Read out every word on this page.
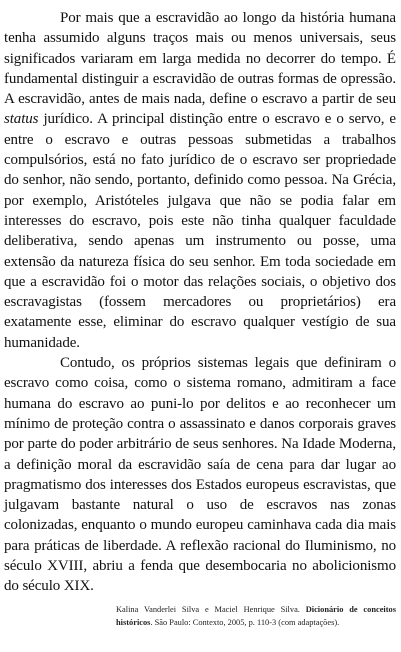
Por mais que a escravidão ao longo da história humana tenha assumido alguns traços mais ou menos universais, seus significados variaram em larga medida no decorrer do tempo. É fundamental distinguir a escravidão de outras formas de opressão. A escravidão, antes de mais nada, define o escravo a partir de seu status jurídico. A principal distinção entre o escravo e o servo, e entre o escravo e outras pessoas submetidas a trabalhos compulsórios, está no fato jurídico de o escravo ser propriedade do senhor, não sendo, portanto, definido como pessoa. Na Grécia, por exemplo, Aristóteles julgava que não se podia falar em interesses do escravo, pois este não tinha qualquer faculdade deliberativa, sendo apenas um instrumento ou posse, uma extensão da natureza física do seu senhor. Em toda sociedade em que a escravidão foi o motor das relações sociais, o objetivo dos escravagistas (fossem mercadores ou proprietários) era exatamente esse, eliminar do escravo qualquer vestígio de sua humanidade.

Contudo, os próprios sistemas legais que definiram o escravo como coisa, como o sistema romano, admitiram a face humana do escravo ao puni-lo por delitos e ao reconhecer um mínimo de proteção contra o assassinato e danos corporais graves por parte do poder arbitrário de seus senhores. Na Idade Moderna, a definição moral da escravidão saía de cena para dar lugar ao pragmatismo dos interesses dos Estados europeus escravistas, que julgavam bastante natural o uso de escravos nas zonas colonizadas, enquanto o mundo europeu caminhava cada dia mais para práticas de liberdade. A reflexão racional do Iluminismo, no século XVIII, abriu a fenda que desembocaria no abolicionismo do século XIX.

Kalina Vanderlei Silva e Maciel Henrique Silva. Dicionário de conceitos históricos. São Paulo: Contexto, 2005, p. 110-3 (com adaptações).
